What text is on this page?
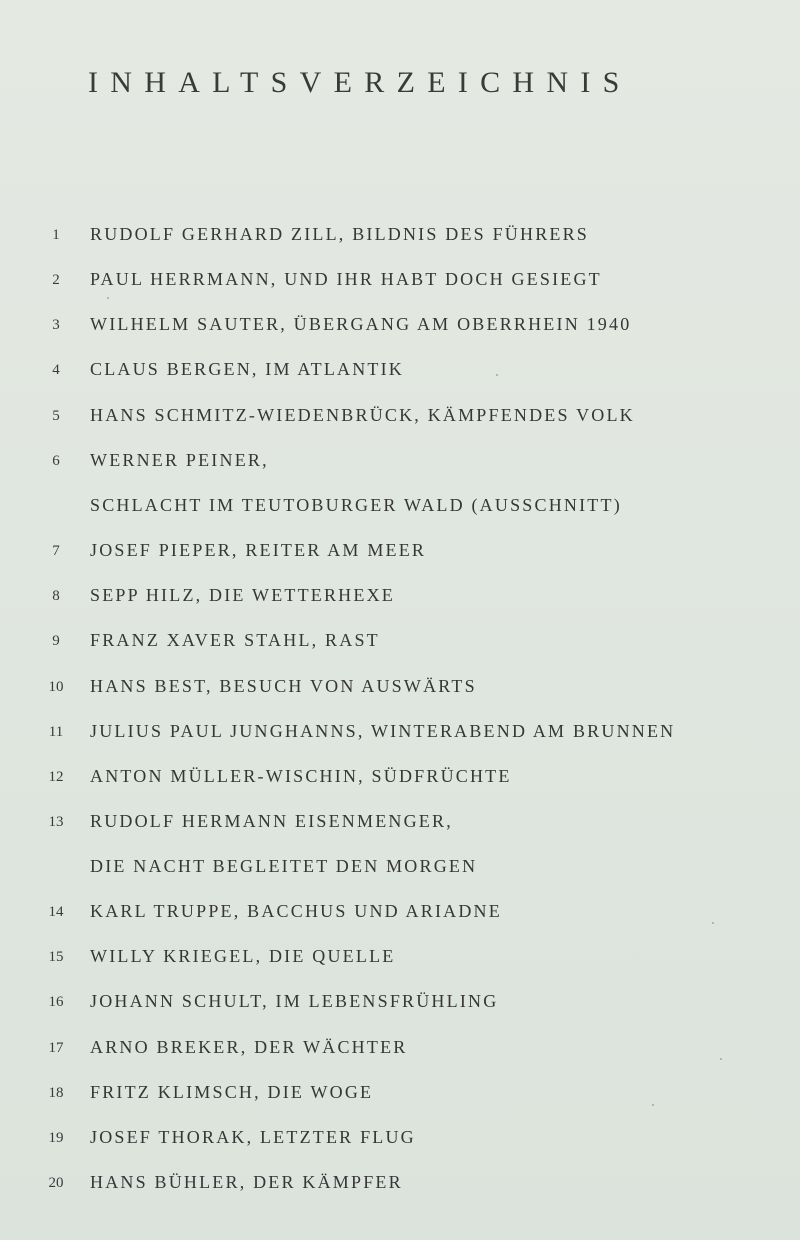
INHALTSVERZEICHNIS
1	RUDOLF GERHARD ZILL, BILDNIS DES FÜHRERS
2	PAUL HERRMANN, UND IHR HABT DOCH GESIEGT
3	WILHELM SAUTER, ÜBERGANG AM OBERRHEIN 1940
4	CLAUS BERGEN, IM ATLANTIK
5	HANS SCHMITZ-WIEDENBRÜCK, KÄMPFENDES VOLK
6	WERNER PEINER,
SCHLACHT IM TEUTOBURGER WALD (AUSSCHNITT)
7	JOSEF PIEPER, REITER AM MEER
8	SEPP HILZ, DIE WETTERHEXE
9	FRANZ XAVER STAHL, RAST
10	HANS BEST, BESUCH VON AUSWÄRTS
11	JULIUS PAUL JUNGHANNS, WINTERABEND AM BRUNNEN
12	ANTON MÜLLER-WISCHIN, SÜDFRÜCHTE
13	RUDOLF HERMANN EISENMENGER,
DIE NACHT BEGLEITET DEN MORGEN
14	KARL TRUPPE, BACCHUS UND ARIADNE
15	WILLY KRIEGEL, DIE QUELLE
16	JOHANN SCHULT, IM LEBENSFRÜHLING
17	ARNO BREKER, DER WÄCHTER
18	FRITZ KLIMSCH, DIE WOGE
19	JOSEF THORAK, LETZTER FLUG
20	HANS BÜHLER, DER KÄMPFER
